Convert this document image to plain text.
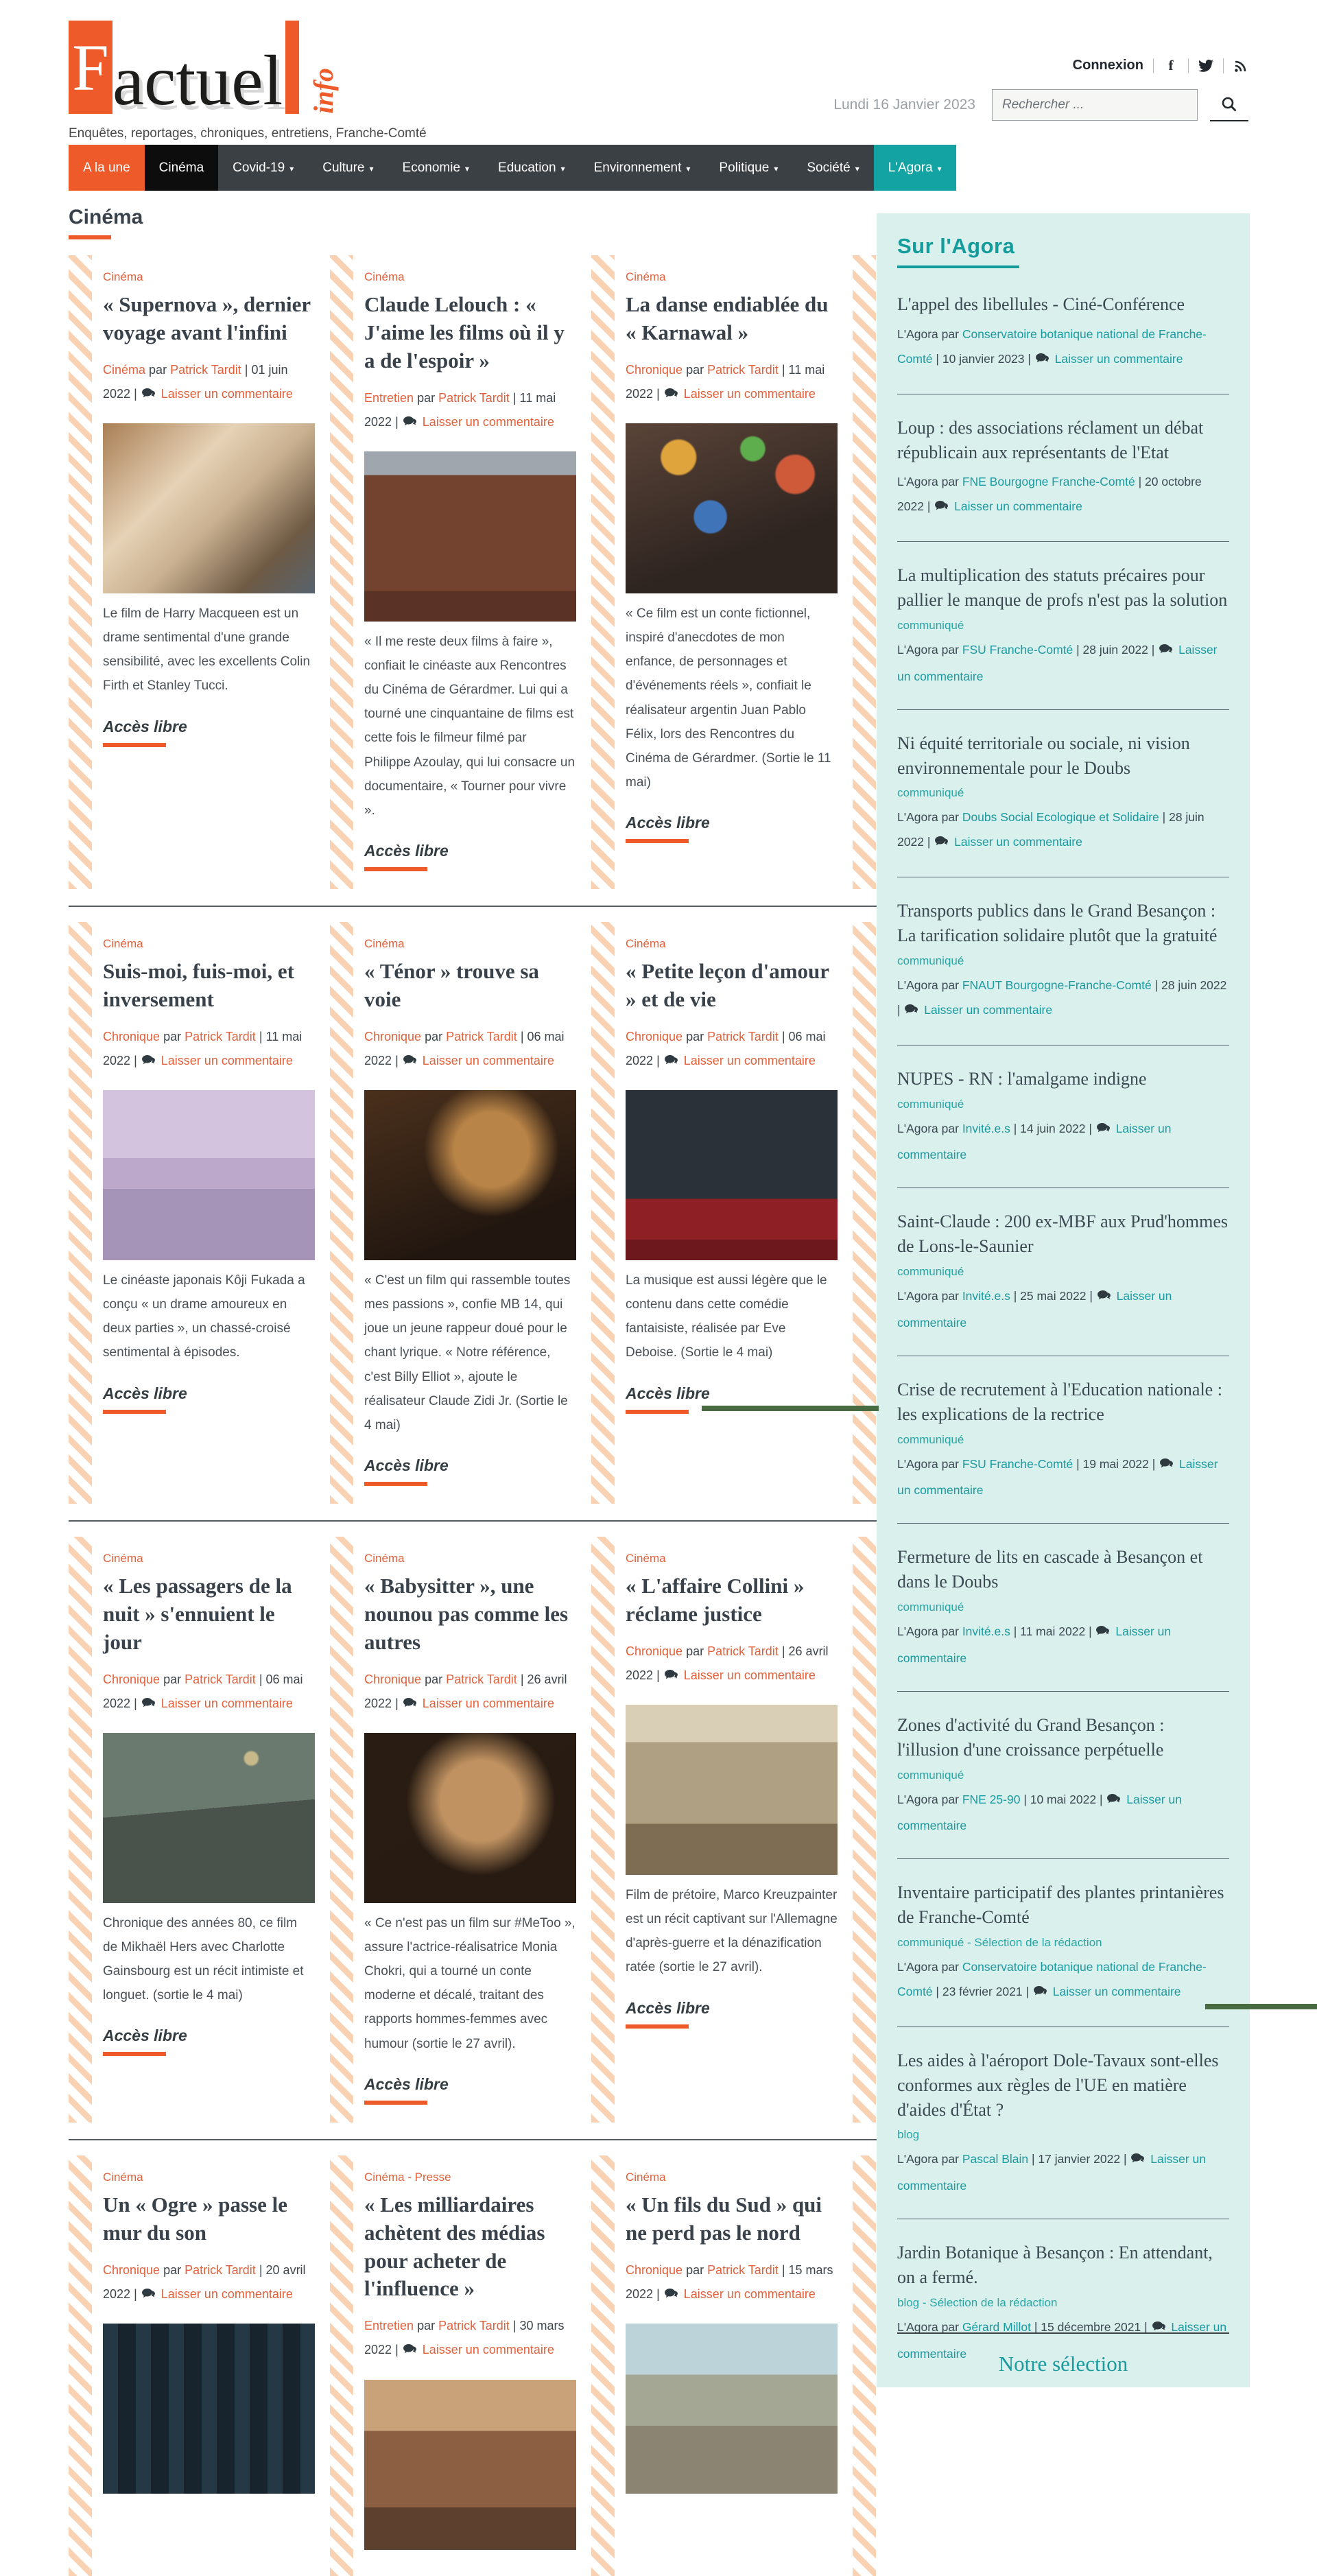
F actuel info
Enquêtes, reportages, chroniques, entretiens, Franche-Comté
Connexion	f
Lundi 16 Janvier 2023
Rechercher ...
A la une Cinéma Covid-19 ▾ Culture ▾ Economie ▾ Education ▾ Environnement ▾ Politique ▾ Société ▾ L'Agora ▾
Cinéma
Cinéma
« Supernova », dernier voyage avant l'infini
Cinéma par Patrick Tardit | 01 juin 2022 | Laisser un commentaire
Le film de Harry Macqueen est un drame sentimental d'une grande sensibilité, avec les excellents Colin Firth et Stanley Tucci.
Accès libre
Cinéma
Claude Lelouch : « J'aime les films où il y a de l'espoir »
Entretien par Patrick Tardit | 11 mai 2022 | Laisser un commentaire
« Il me reste deux films à faire », confiait le cinéaste aux Rencontres du Cinéma de Gérardmer. Lui qui a tourné une cinquantaine de films est cette fois le filmeur filmé par Philippe Azoulay, qui lui consacre un documentaire, « Tourner pour vivre ».
Accès libre
Cinéma
La danse endiablée du « Karnawal »
Chronique par Patrick Tardit | 11 mai 2022 | Laisser un commentaire
« Ce film est un conte fictionnel, inspiré d'anecdotes de mon enfance, de personnages et d'événements réels », confiait le réalisateur argentin Juan Pablo Félix, lors des Rencontres du Cinéma de Gérardmer. (Sortie le 11 mai)
Accès libre
Cinéma
Suis-moi, fuis-moi, et inversement
Chronique par Patrick Tardit | 11 mai 2022 | Laisser un commentaire
Le cinéaste japonais Kôji Fukada a conçu « un drame amoureux en deux parties », un chassé-croisé sentimental à épisodes.
Accès libre
Cinéma
« Ténor » trouve sa voie
Chronique par Patrick Tardit | 06 mai 2022 | Laisser un commentaire
« C'est un film qui rassemble toutes mes passions », confie MB 14, qui joue un jeune rappeur doué pour le chant lyrique. « Notre référence, c'est Billy Elliot », ajoute le réalisateur Claude Zidi Jr. (Sortie le 4 mai)
Accès libre
Cinéma
« Petite leçon d'amour » et de vie
Chronique par Patrick Tardit | 06 mai 2022 | Laisser un commentaire
La musique est aussi légère que le contenu dans cette comédie fantaisiste, réalisée par Eve Deboise. (Sortie le 4 mai)
Accès libre
Cinéma
« Les passagers de la nuit » s'ennuient le jour
Chronique par Patrick Tardit | 06 mai 2022 | Laisser un commentaire
Chronique des années 80, ce film de Mikhaël Hers avec Charlotte Gainsbourg est un récit intimiste et longuet. (sortie le 4 mai)
Accès libre
Cinéma
« Babysitter », une nounou pas comme les autres
Chronique par Patrick Tardit | 26 avril 2022 | Laisser un commentaire
« Ce n'est pas un film sur #MeToo », assure l'actrice-réalisatrice Monia Chokri, qui a tourné un conte moderne et décalé, traitant des rapports hommes-femmes avec humour (sortie le 27 avril).
Accès libre
Cinéma
« L'affaire Collini » réclame justice
Chronique par Patrick Tardit | 26 avril 2022 | Laisser un commentaire
Film de prétoire, Marco Kreuzpainter est un récit captivant sur l'Allemagne d'après-guerre et la dénazification ratée (sortie le 27 avril).
Accès libre
Cinéma
Un « Ogre » passe le mur du son
Chronique par Patrick Tardit | 20 avril 2022 | Laisser un commentaire
Cinéma - Presse
« Les milliardaires achètent des médias pour acheter de l'influence »
Entretien par Patrick Tardit | 30 mars 2022 | Laisser un commentaire
Cinéma
« Un fils du Sud » qui ne perd pas le nord
Chronique par Patrick Tardit | 15 mars 2022 | Laisser un commentaire
Sur l'Agora
L'appel des libellules - Ciné-Conférence
L'Agora par Conservatoire botanique national de Franche-Comté | 10 janvier 2023 | Laisser un commentaire
Loup : des associations réclament un débat républicain aux représentants de l'Etat
L'Agora par FNE Bourgogne Franche-Comté | 20 octobre 2022 | Laisser un commentaire
La multiplication des statuts précaires pour pallier le manque de profs n'est pas la solution
communiqué
L'Agora par FSU Franche-Comté | 28 juin 2022 | Laisser un commentaire
Ni équité territoriale ou sociale, ni vision environnementale pour le Doubs
communiqué
L'Agora par Doubs Social Ecologique et Solidaire | 28 juin 2022 | Laisser un commentaire
Transports publics dans le Grand Besançon : La tarification solidaire plutôt que la gratuité
communiqué
L'Agora par FNAUT Bourgogne-Franche-Comté | 28 juin 2022 | Laisser un commentaire
NUPES - RN : l'amalgame indigne
communiqué
L'Agora par Invité.e.s | 14 juin 2022 | Laisser un commentaire
Saint-Claude : 200 ex-MBF aux Prud'hommes de Lons-le-Saunier
communiqué
L'Agora par Invité.e.s | 25 mai 2022 | Laisser un commentaire
Crise de recrutement à l'Education nationale : les explications de la rectrice
communiqué
L'Agora par FSU Franche-Comté | 19 mai 2022 | Laisser un commentaire
Fermeture de lits en cascade à Besançon et dans le Doubs
communiqué
L'Agora par Invité.e.s | 11 mai 2022 | Laisser un commentaire
Zones d'activité du Grand Besançon : l'illusion d'une croissance perpétuelle
communiqué
L'Agora par FNE 25-90 | 10 mai 2022 | Laisser un commentaire
Inventaire participatif des plantes printanières de Franche-Comté
communiqué - Sélection de la rédaction
L'Agora par Conservatoire botanique national de Franche-Comté | 23 février 2021 | Laisser un commentaire
Les aides à l'aéroport Dole-Tavaux sont-elles conformes aux règles de l'UE en matière d'aides d'État ?
blog
L'Agora par Pascal Blain | 17 janvier 2022 | Laisser un commentaire
Jardin Botanique à Besançon : En attendant, on a fermé.
blog - Sélection de la rédaction
L'Agora par Gérard Millot | 15 décembre 2021 | Laisser un commentaire	Notre sélection
